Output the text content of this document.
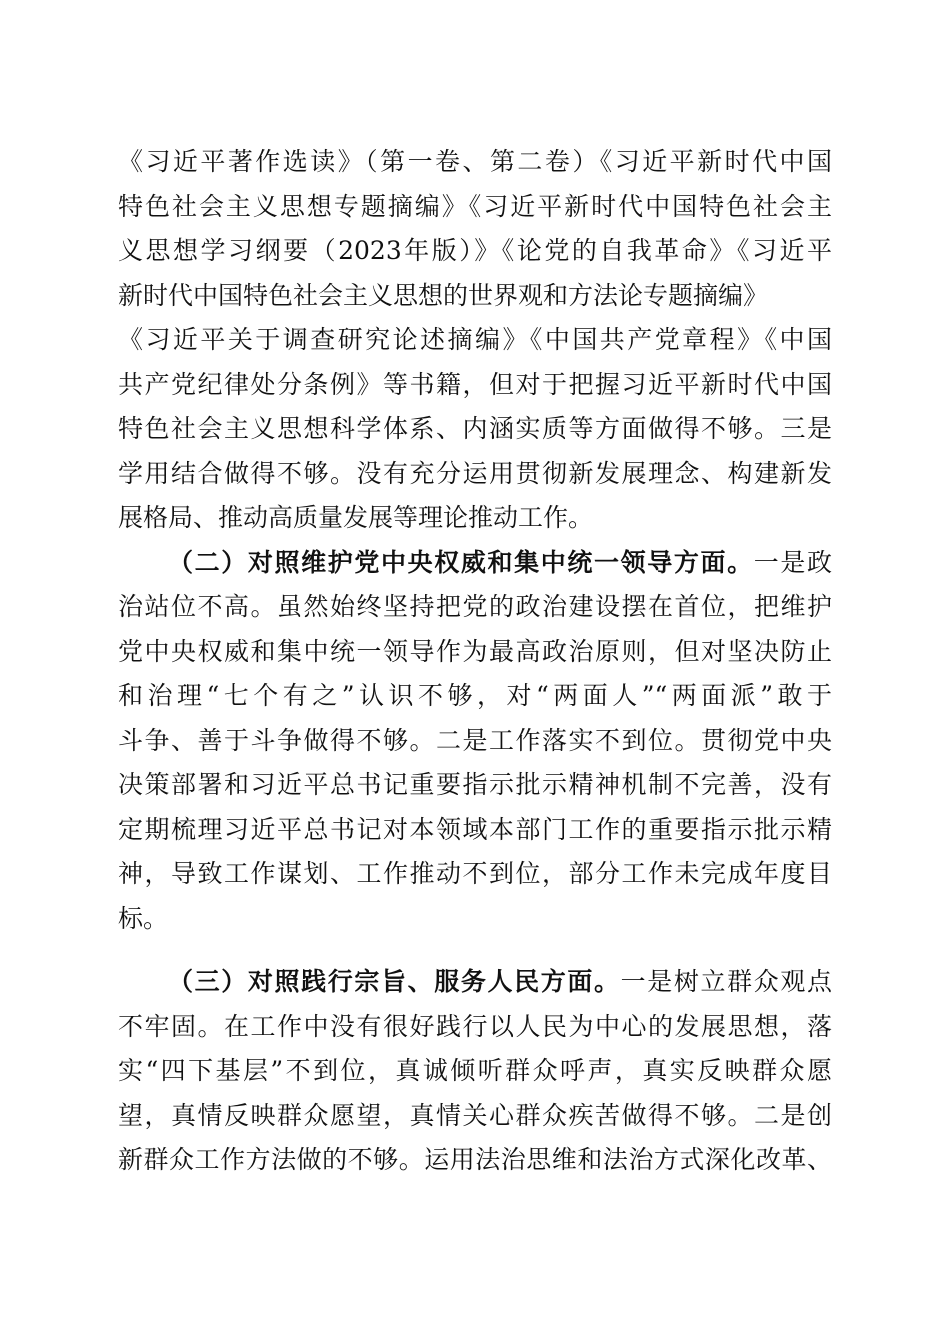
《习近平著作选读》（第一卷、第二卷）《习近平新时代中国
特色社会主义思想专题摘编》《习近平新时代中国特色社会主
义思想学习纲要（2023年版）》《论党的自我革命》《习近平
新时代中国特色社会主义思想的世界观和方法论专题摘编》
《习近平关于调查研究论述摘编》《中国共产党章程》《中国
共产党纪律处分条例》等书籍，但对于把握习近平新时代中国
特色社会主义思想科学体系、内涵实质等方面做得不够。三是
学用结合做得不够。没有充分运用贯彻新发展理念、构建新发
展格局、推动高质量发展等理论推动工作。
（二）对照维护党中央权威和集中统一领导方面。一是政
治站位不高。虽然始终坚持把党的政治建设摆在首位，把维护
党中央权威和集中统一领导作为最高政治原则，但对坚决防止
和治理“七个有之”认识不够，对“两面人”“两面派”敢于
斗争、善于斗争做得不够。二是工作落实不到位。贯彻党中央
决策部署和习近平总书记重要指示批示精神机制不完善，没有
定期梳理习近平总书记对本领域本部门工作的重要指示批示精
神，导致工作谋划、工作推动不到位，部分工作未完成年度目
标。
（三）对照践行宗旨、服务人民方面。一是树立群众观点
不牢固。在工作中没有很好践行以人民为中心的发展思想，落
实“四下基层”不到位，真诚倾听群众呼声，真实反映群众愿
望，真情反映群众愿望，真情关心群众疾苦做得不够。二是创
新群众工作方法做的不够。运用法治思维和法治方式深化改革、
